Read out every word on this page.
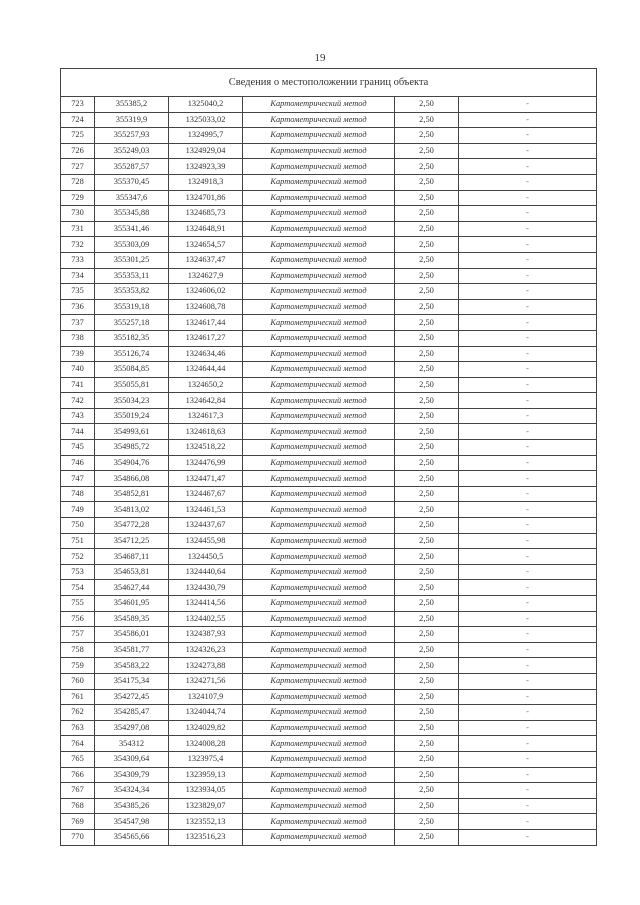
19
Сведения о местоположении границ объекта					
723	355385,2	1325040,2	Картометрический метод	2,50	-
724	355319,9	1325033,02	Картометрический метод	2,50	-
725	355257,93	1324995,7	Картометрический метод	2,50	-
726	355249,03	1324929,04	Картометрический метод	2,50	-
727	355287,57	1324923,39	Картометрический метод	2,50	-
728	355370,45	1324918,3	Картометрический метод	2,50	-
729	355347,6	1324701,86	Картометрический метод	2,50	-
730	355345,88	1324685,73	Картометрический метод	2,50	-
731	355341,46	1324648,91	Картометрический метод	2,50	-
732	355303,09	1324654,57	Картометрический метод	2,50	-
733	355301,25	1324637,47	Картометрический метод	2,50	-
734	355353,11	1324627,9	Картометрический метод	2,50	-
735	355353,82	1324606,02	Картометрический метод	2,50	-
736	355319,18	1324608,78	Картометрический метод	2,50	-
737	355257,18	1324617,44	Картометрический метод	2,50	-
738	355182,35	1324617,27	Картометрический метод	2,50	-
739	355126,74	1324634,46	Картометрический метод	2,50	-
740	355084,85	1324644,44	Картометрический метод	2,50	-
741	355055,81	1324650,2	Картометрический метод	2,50	-
742	355034,23	1324642,84	Картометрический метод	2,50	-
743	355019,24	1324617,3	Картометрический метод	2,50	-
744	354993,61	1324618,63	Картометрический метод	2,50	-
745	354985,72	1324518,22	Картометрический метод	2,50	-
746	354904,76	1324476,99	Картометрический метод	2,50	-
747	354866,08	1324471,47	Картометрический метод	2,50	-
748	354852,81	1324467,67	Картометрический метод	2,50	-
749	354813,02	1324461,53	Картометрический метод	2,50	-
750	354772,28	1324437,67	Картометрический метод	2,50	-
751	354712,25	1324455,98	Картометрический метод	2,50	-
752	354687,11	1324450,5	Картометрический метод	2,50	-
753	354653,81	1324440,64	Картометрический метод	2,50	-
754	354627,44	1324430,79	Картометрический метод	2,50	-
755	354601,95	1324414,56	Картометрический метод	2,50	-
756	354589,35	1324402,55	Картометрический метод	2,50	-
757	354586,01	1324387,93	Картометрический метод	2,50	-
758	354581,77	1324326,23	Картометрический метод	2,50	-
759	354583,22	1324273,88	Картометрический метод	2,50	-
760	354175,34	1324271,56	Картометрический метод	2,50	-
761	354272,45	1324107,9	Картометрический метод	2,50	-
762	354285,47	1324044,74	Картометрический метод	2,50	-
763	354297,08	1324029,82	Картометрический метод	2,50	-
764	354312	1324008,28	Картометрический метод	2,50	-
765	354309,64	1323975,4	Картометрический метод	2,50	-
766	354309,79	1323959,13	Картометрический метод	2,50	-
767	354324,34	1323934,05	Картометрический метод	2,50	-
768	354385,26	1323829,07	Картометрический метод	2,50	-
769	354547,98	1323552,13	Картометрический метод	2,50	-
770	354565,66	1323516,23	Картометрический метод	2,50	-
